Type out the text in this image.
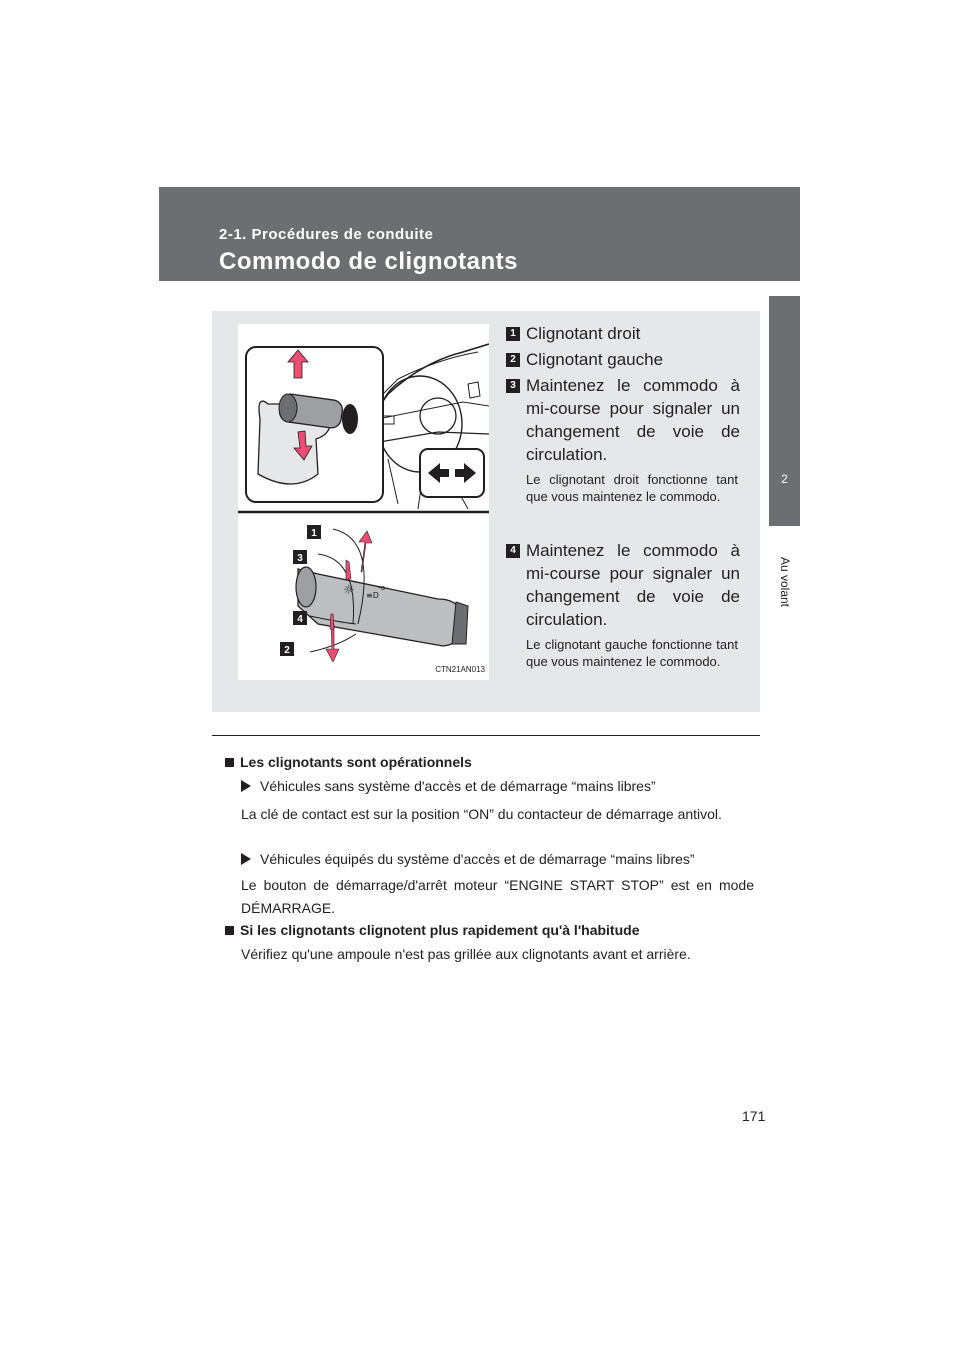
2-1. Procédures de conduite
Commodo de clignotants
2
Au volant
☼ ≡D
-ᴑ-
1
3
4
2
CTN21AN013
1 Clignotant droit
2 Clignotant gauche
3 Maintenez le commodo à mi-course pour signaler un changement de voie de circulation.
Le clignotant droit fonctionne tant que vous maintenez le commodo.
4 Maintenez le commodo à mi-course pour signaler un changement de voie de circulation.
Le clignotant gauche fonctionne tant que vous maintenez le commodo.
Les clignotants sont opérationnels
Véhicules sans système d'accès et de démarrage “mains libres”
La clé de contact est sur la position “ON” du contacteur de démarrage antivol.
Véhicules équipés du système d'accès et de démarrage “mains libres”
Le bouton de démarrage/d'arrêt moteur “ENGINE START STOP” est en mode DÉMARRAGE.
Si les clignotants clignotent plus rapidement qu'à l'habitude
Vérifiez qu'une ampoule n'est pas grillée aux clignotants avant et arrière.
171
